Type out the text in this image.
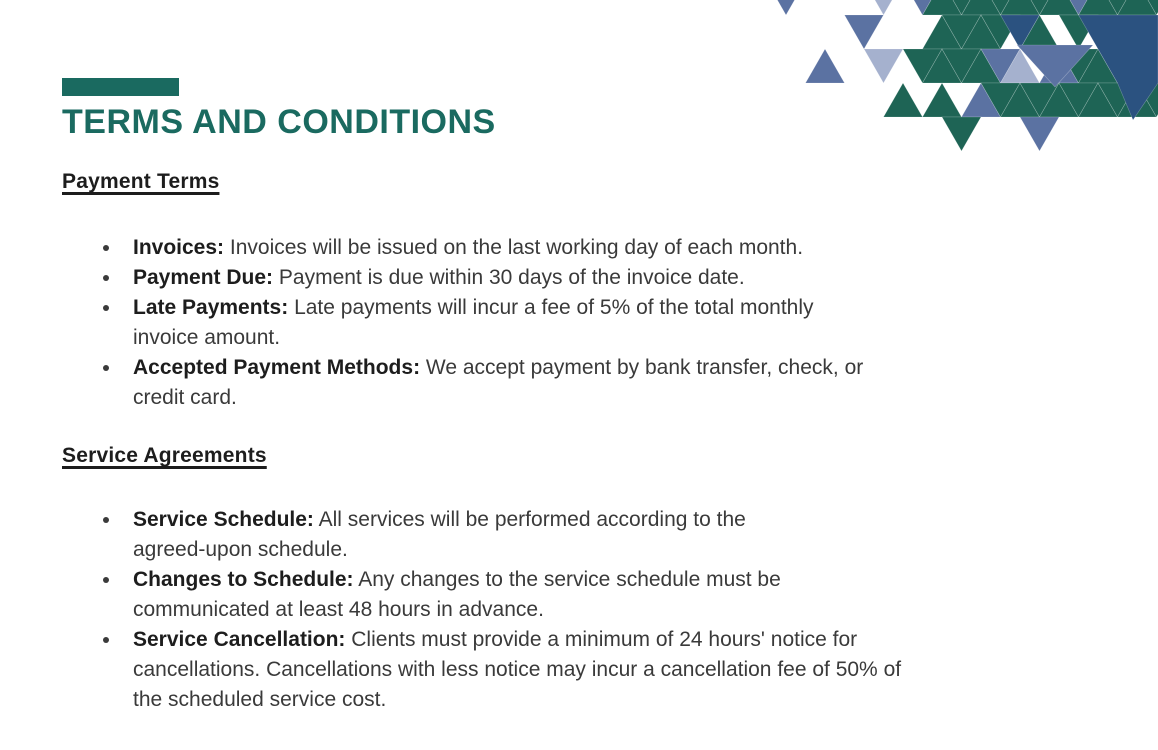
TERMS AND CONDITIONS
Payment Terms
Invoices: Invoices will be issued on the last working day of each month.
Payment Due: Payment is due within 30 days of the invoice date.
Late Payments: Late payments will incur a fee of 5% of the total monthly
invoice amount.
Accepted Payment Methods: We accept payment by bank transfer, check, or
credit card.
Service Agreements
Service Schedule: All services will be performed according to the
agreed-upon schedule.
Changes to Schedule: Any changes to the service schedule must be
communicated at least 48 hours in advance.
Service Cancellation: Clients must provide a minimum of 24 hours' notice for
cancellations. Cancellations with less notice may incur a cancellation fee of 50% of
the scheduled service cost.
